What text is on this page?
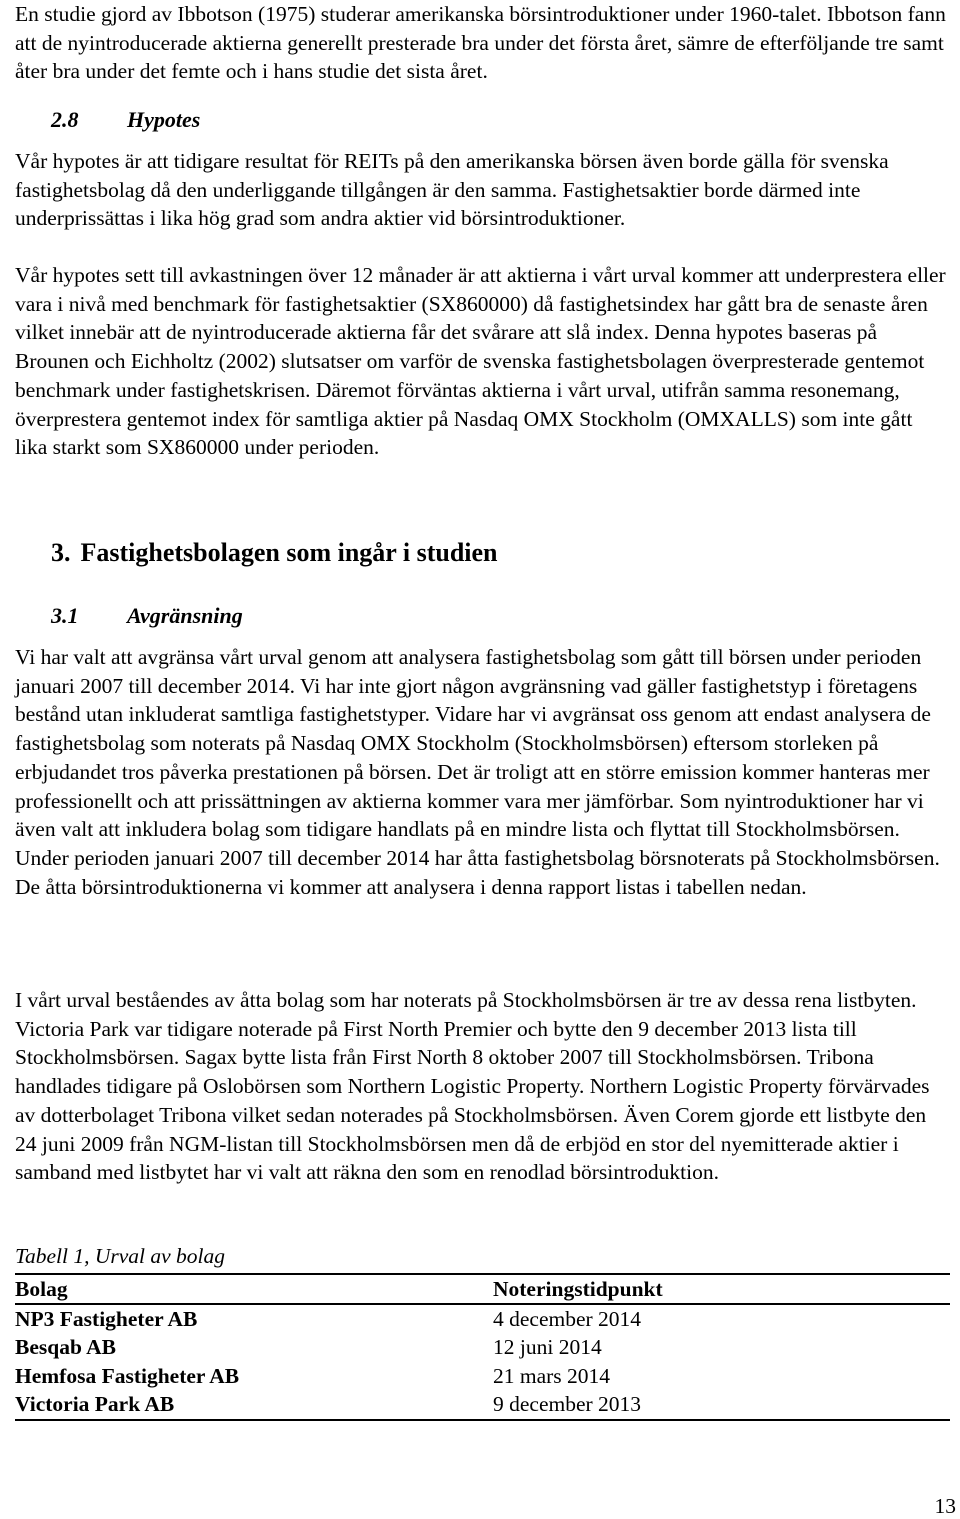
En studie gjord av Ibbotson (1975) studerar amerikanska börsintroduktioner under 1960-talet. Ibbotson fann att de nyintroducerade aktierna generellt presterade bra under det första året, sämre de efterföljande tre samt åter bra under det femte och i hans studie det sista året.

2.8 Hypotes

Vår hypotes är att tidigare resultat för REITs på den amerikanska börsen även borde gälla för svenska fastighetsbolag då den underliggande tillgången är den samma. Fastighetsaktier borde därmed inte underprissättas i lika hög grad som andra aktier vid börsintroduktioner.

Vår hypotes sett till avkastningen över 12 månader är att aktierna i vårt urval kommer att underprestera eller vara i nivå med benchmark för fastighetsaktier (SX860000) då fastighetsindex har gått bra de senaste åren vilket innebär att de nyintroducerade aktierna får det svårare att slå index. Denna hypotes baseras på Brounen och Eichholtz (2002) slutsatser om varför de svenska fastighetsbolagen överpresterade gentemot benchmark under fastighetskrisen. Däremot förväntas aktierna i vårt urval, utifrån samma resonemang, överprestera gentemot index för samtliga aktier på Nasdaq OMX Stockholm (OMXALLS) som inte gått lika starkt som SX860000 under perioden.

3. Fastighetsbolagen som ingår i studien
3.1 Avgränsning

Vi har valt att avgränsa vårt urval genom att analysera fastighetsbolag som gått till börsen under perioden januari 2007 till december 2014. Vi har inte gjort någon avgränsning vad gäller fastighetstyp i företagens bestånd utan inkluderat samtliga fastighetstyper. Vidare har vi avgränsat oss genom att endast analysera de fastighetsbolag som noterats på Nasdaq OMX Stockholm (Stockholmsbörsen) eftersom storleken på erbjudandet tros påverka prestationen på börsen. Det är troligt att en större emission kommer hanteras mer professionellt och att prissättningen av aktierna kommer vara mer jämförbar. Som nyintroduktioner har vi även valt att inkludera bolag som tidigare handlats på en mindre lista och flyttat till Stockholmsbörsen. Under perioden januari 2007 till december 2014 har åtta fastighetsbolag börsnoterats på Stockholmsbörsen. De åtta börsintroduktionerna vi kommer att analysera i denna rapport listas i tabellen nedan.

I vårt urval beståendes av åtta bolag som har noterats på Stockholmsbörsen är tre av dessa rena listbyten. Victoria Park var tidigare noterade på First North Premier och bytte den 9 december 2013 lista till Stockholmsbörsen. Sagax bytte lista från First North 8 oktober 2007 till Stockholmsbörsen. Tribona handlades tidigare på Oslobörsen som Northern Logistic Property. Northern Logistic Property förvärvades av dotterbolaget Tribona vilket sedan noterades på Stockholmsbörsen. Även Corem gjorde ett listbyte den 24 juni 2009 från NGM-listan till Stockholmsbörsen men då de erbjöd en stor del nyemitterade aktier i samband med listbytet har vi valt att räkna den som en renodlad börsintroduktion.

Tabell 1, Urval av bolag
Bolag	Noteringstidpunkt
NP3 Fastigheter AB	4 december 2014
Besqab AB	12 juni 2014
Hemfosa Fastigheter AB	21 mars 2014
Victoria Park AB	9 december 2013
13
